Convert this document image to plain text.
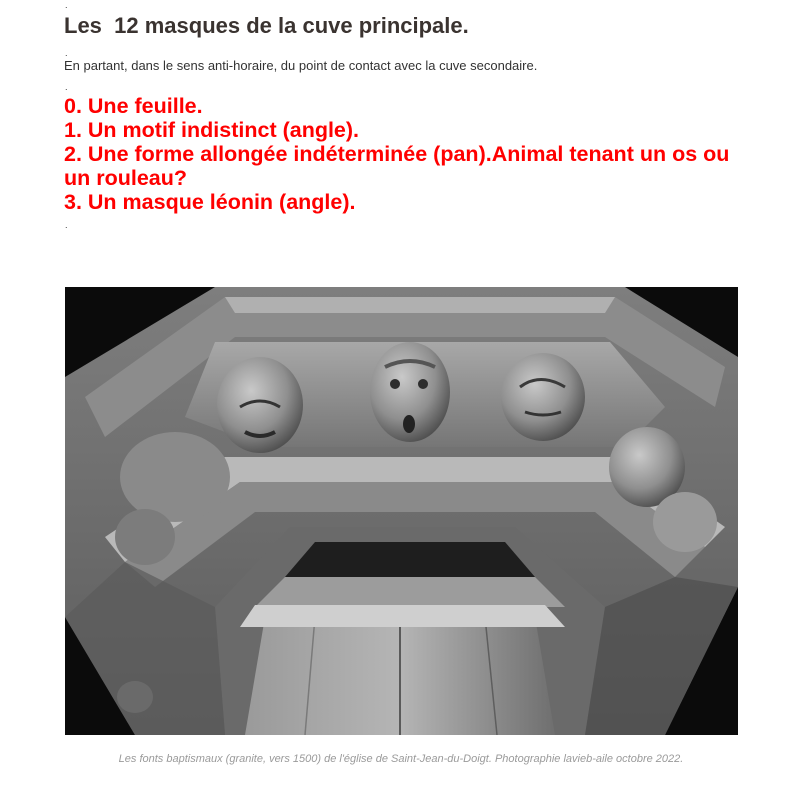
.
Les  12 masques de la cuve principale.
.

En partant, dans le sens anti-horaire, du point de contact avec la cuve secondaire.

.
0. Une feuille.
1. Un motif indistinct (angle).
2. Une forme allongée indéterminée (pan).Animal tenant un os ou un rouleau?
3. Un masque léonin (angle).
.
Les fonts baptismaux (granite, vers 1500) de l'église de Saint-Jean-du-Doigt. Photographie lavieb-aile octobre 2022.
